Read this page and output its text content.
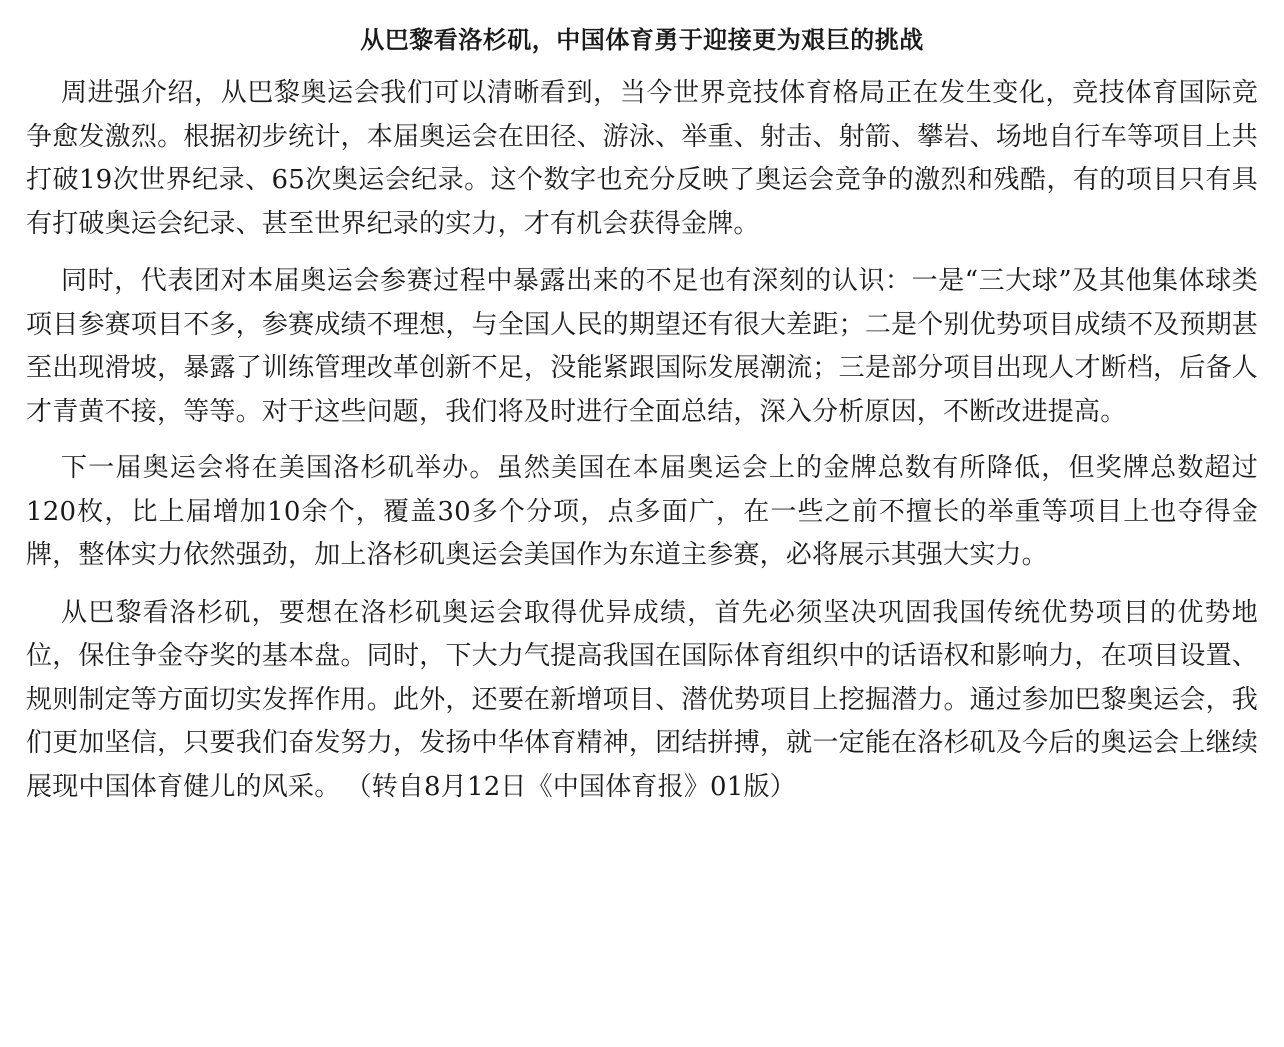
从巴黎看洛杉矶，中国体育勇于迎接更为艰巨的挑战

周进强介绍，从巴黎奥运会我们可以清晰看到，当今世界竞技体育格局正在发生变化，竞技体育国际竞争愈发激烈。根据初步统计，本届奥运会在田径、游泳、举重、射击、射箭、攀岩、场地自行车等项目上共打破19次世界纪录、65次奥运会纪录。这个数字也充分反映了奥运会竞争的激烈和残酷，有的项目只有具有打破奥运会纪录、甚至世界纪录的实力，才有机会获得金牌。

同时，代表团对本届奥运会参赛过程中暴露出来的不足也有深刻的认识：一是“三大球”及其他集体球类项目参赛项目不多，参赛成绩不理想，与全国人民的期望还有很大差距；二是个别优势项目成绩不及预期甚至出现滑坡，暴露了训练管理改革创新不足，没能紧跟国际发展潮流；三是部分项目出现人才断档，后备人才青黄不接，等等。对于这些问题，我们将及时进行全面总结，深入分析原因，不断改进提高。

下一届奥运会将在美国洛杉矶举办。虽然美国在本届奥运会上的金牌总数有所降低，但奖牌总数超过120枚，比上届增加10余个，覆盖30多个分项，点多面广，在一些之前不擅长的举重等项目上也夺得金牌，整体实力依然强劲，加上洛杉矶奥运会美国作为东道主参赛，必将展示其强大实力。

从巴黎看洛杉矶，要想在洛杉矶奥运会取得优异成绩，首先必须坚决巩固我国传统优势项目的优势地位，保住争金夺奖的基本盘。同时，下大力气提高我国在国际体育组织中的话语权和影响力，在项目设置、规则制定等方面切实发挥作用。此外，还要在新增项目、潜优势项目上挖掘潜力。通过参加巴黎奥运会，我们更加坚信，只要我们奋发努力，发扬中华体育精神，团结拼搏，就一定能在洛杉矶及今后的奥运会上继续展现中国体育健儿的风采。 （转自8月12日《中国体育报》01版）
